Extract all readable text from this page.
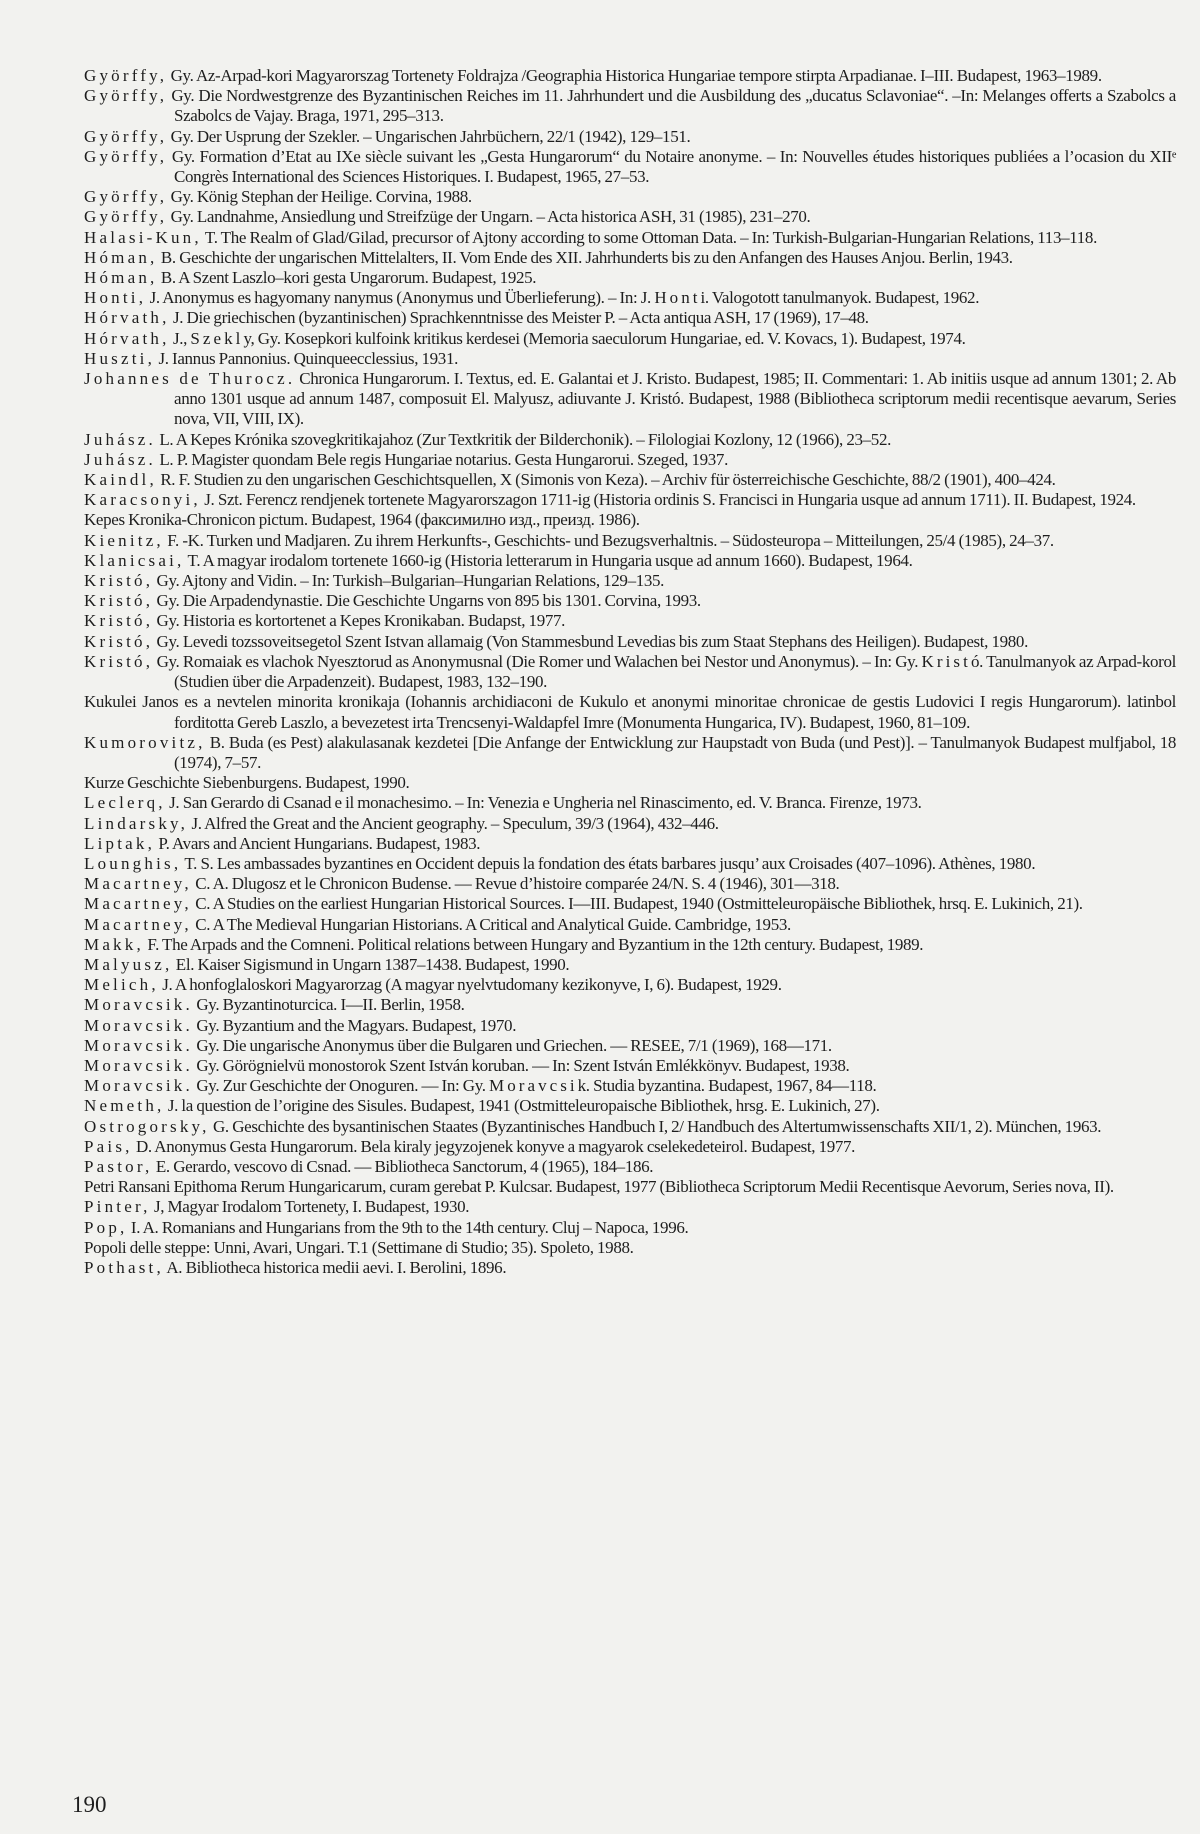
Györffy, Gy. Az-Arpad-kori Magyarorszag Tortenety Foldrajza /Geographia Historica Hungariae tempore stirpta Arpadianae. I–III. Budapest, 1963–1989.
Györffy, Gy. Die Nordwestgrenze des Byzantinischen Reiches im 11. Jahrhundert und die Ausbildung des „ducatus Sclavoniae“. –In: Melanges offerts a Szabolcs a Szabolcs de Vajay. Braga, 1971, 295–313.
Györffy, Gy. Der Usprung der Szekler. – Ungarischen Jahrbüchern, 22/1 (1942), 129–151.
Györffy, Gy. Formation d’Etat au IXe siècle suivant les „Gesta Hungarorum“ du Notaire anonyme. – In: Nouvelles études historiques publiées a l’ocasion du XIIᵉ Congrès International des Sciences Historiques. I. Budapest, 1965, 27–53.
Györffy, Gy. König Stephan der Heilige. Corvina, 1988.
Györffy, Gy. Landnahme, Ansiedlung und Streifzüge der Ungarn. – Acta historica ASH, 31 (1985), 231–270.
Halasi-Kun, T. The Realm of Glad/Gilad, precursor of Ajtony according to some Ottoman Data. – In: Turkish-Bulgarian-Hungarian Relations, 113–118.
Hóman, B. Geschichte der ungarischen Mittelalters, II. Vom Ende des XII. Jahrhunderts bis zu den Anfangen des Hauses Anjou. Berlin, 1943.
Hóman, B. A Szent Laszlo–kori gesta Ungarorum. Budapest, 1925.
Honti, J. Anonymus es hagyomany nanymus (Anonymus und Überlieferung). – In: J. H o n t i. Valogotott tanulmanyok. Budapest, 1962.
Hórvath, J. Die griechischen (byzantinischen) Sprachkenntnisse des Meister P. – Acta antiqua ASH, 17 (1969), 17–48.
Hórvath, J., S z e k l y, Gy. Kosepkori kulfoink kritikus kerdesei (Memoria saeculorum Hungariae, ed. V. Kovacs, 1). Budapest, 1974.
Huszti, J. Iannus Pannonius. Quinqueecclessius, 1931.
Johannes de Thurocz. Chronica Hungarorum. I. Textus, ed. E. Galantai et J. Kristo. Budapest, 1985; II. Commentari: 1. Ab initiis usque ad annum 1301; 2. Ab anno 1301 usque ad annum 1487, composuit El. Malyusz, adiuvante J. Kristó. Budapest, 1988 (Bibliotheca scriptorum medii recentisque aevarum, Series nova, VII, VIII, IX).
Juhász. L. A Kepes Krónika szovegkritikajahoz (Zur Textkritik der Bilderchonik). – Filologiai Kozlony, 12 (1966), 23–52.
Juhász. L. P. Magister quondam Bele regis Hungariae notarius. Gesta Hungarorui. Szeged, 1937.
Kaindl, R. F. Studien zu den ungarischen Geschichtsquellen, X (Simonis von Keza). – Archiv für österreichische Geschichte, 88/2 (1901), 400–424.
Karacsonyi, J. Szt. Ferencz rendjenek tortenete Magyarorszagon 1711-ig (Historia ordinis S. Francisci in Hungaria usque ad annum 1711). II. Budapest, 1924.
Kepes Kronika-Chronicon pictum. Budapest, 1964 (факсимилно изд., преизд. 1986).
Kienitz, F. -K. Turken und Madjaren. Zu ihrem Herkunfts-, Geschichts- und Bezugsverhaltnis. – Südosteuropa – Mitteilungen, 25/4 (1985), 24–37.
Klanicsai, T. A magyar irodalom tortenete 1660-ig (Historia letterarum in Hungaria usque ad annum 1660). Budapest, 1964.
Kristó, Gy. Ajtony and Vidin. – In: Turkish–Bulgarian–Hungarian Relations, 129–135.
Kristó, Gy. Die Arpadendynastie. Die Geschichte Ungarns von 895 bis 1301. Corvina, 1993.
Kristó, Gy. Historia es kortortenet a Kepes Kronikaban. Budapst, 1977.
Kristó, Gy. Levedi tozssoveitsegetol Szent Istvan allamaig (Von Stammesbund Levedias bis zum Staat Stephans des Heiligen). Budapest, 1980.
Kristó, Gy. Romaiak es vlachok Nyesztorud as Anonymusnal (Die Romer und Walachen bei Nestor und Anonymus). – In: Gy. K r i s t ó. Tanulmanyok az Arpad-korol (Studien über die Arpadenzeit). Budapest, 1983, 132–190.
Kukulei Janos es a nevtelen minorita kronikaja (Iohannis archidiaconi de Kukulo et anonymi minoritae chronicae de gestis Ludovici I regis Hungarorum). latinbol forditotta Gereb Laszlo, a bevezetest irta Trencsenyi-Waldapfel Imre (Monumenta Hungarica, IV). Budapest, 1960, 81–109.
Kumorovitz, B. Buda (es Pest) alakulasanak kezdetei [Die Anfange der Entwicklung zur Haupstadt von Buda (und Pest)]. – Tanulmanyok Budapest mulfjabol, 18 (1974), 7–57.
Kurze Geschichte Siebenburgens. Budapest, 1990.
Leclerq, J. San Gerardo di Csanad e il monachesimo. – In: Venezia e Ungheria nel Rinascimento, ed. V. Branca. Firenze, 1973.
Lindarsky, J. Alfred the Great and the Ancient geography. – Speculum, 39/3 (1964), 432–446.
Liptak, P. Avars and Ancient Hungarians. Budapest, 1983.
Lounghis, T. S. Les ambassades byzantines en Occident depuis la fondation des états barbares jusqu’ aux Croisades (407–1096). Athènes, 1980.
Macartney, C. A. Dlugosz et le Chronicon Budense. — Revue d’histoire comparée 24/N. S. 4 (1946), 301—318.
Macartney, C. A Studies on the earliest Hungarian Historical Sources. I—III. Budapest, 1940 (Ostmitteleuropäische Bibliothek, hrsq. E. Lukinich, 21).
Macartney, C. A The Medieval Hungarian Historians. A Critical and Analytical Guide. Cambridge, 1953.
Makk, F. The Arpads and the Comneni. Political relations between Hungary and Byzantium in the 12th century. Budapest, 1989.
Malyusz, El. Kaiser Sigismund in Ungarn 1387–1438. Budapest, 1990.
Melich, J. A honfoglaloskori Magyarorzag (A magyar nyelvtudomany kezikonyve, I, 6). Budapest, 1929.
Moravcsik. Gy. Byzantinoturcica. I—II. Berlin, 1958.
Moravcsik. Gy. Byzantium and the Magyars. Budapest, 1970.
Moravcsik. Gy. Die ungarische Anonymus über die Bulgaren und Griechen. — RESEE, 7/1 (1969), 168—171.
Moravcsik. Gy. Görögnielvü monostorok Szent István koruban. — In: Szent István Emlékkönyv. Budapest, 1938.
Moravcsik. Gy. Zur Geschichte der Onoguren. — In: Gy. M o r a v c s i k. Studia byzantina. Budapest, 1967, 84—118.
Nemeth, J. la question de l’origine des Sisules. Budapest, 1941 (Ostmitteleuropaische Bibliothek, hrsg. E. Lukinich, 27).
Ostrogorsky, G. Geschichte des bysantinischen Staates (Byzantinisches Handbuch I, 2/ Handbuch des Altertumwissenschafts XII/1, 2). München, 1963.
Pais, D. Anonymus Gesta Hungarorum. Bela kiraly jegyzojenek konyve a magyarok cselekedeteirol. Budapest, 1977.
Pastor, E. Gerardo, vescovo di Csnad. — Bibliotheca Sanctorum, 4 (1965), 184–186.
Petri Ransani Epithoma Rerum Hungaricarum, curam gerebat P. Kulcsar. Budapest, 1977 (Bibliotheca Scriptorum Medii Recentisque Aevorum, Series nova, II).
Pinter, J, Magyar Irodalom Tortenety, I. Budapest, 1930.
Pop, I. A. Romanians and Hungarians from the 9th to the 14th century. Cluj – Napoca, 1996.
Popoli delle steppe: Unni, Avari, Ungari. T.1 (Settimane di Studio; 35). Spoleto, 1988.
Pothast, A. Bibliotheca historica medii aevi. I. Berolini, 1896.
190
